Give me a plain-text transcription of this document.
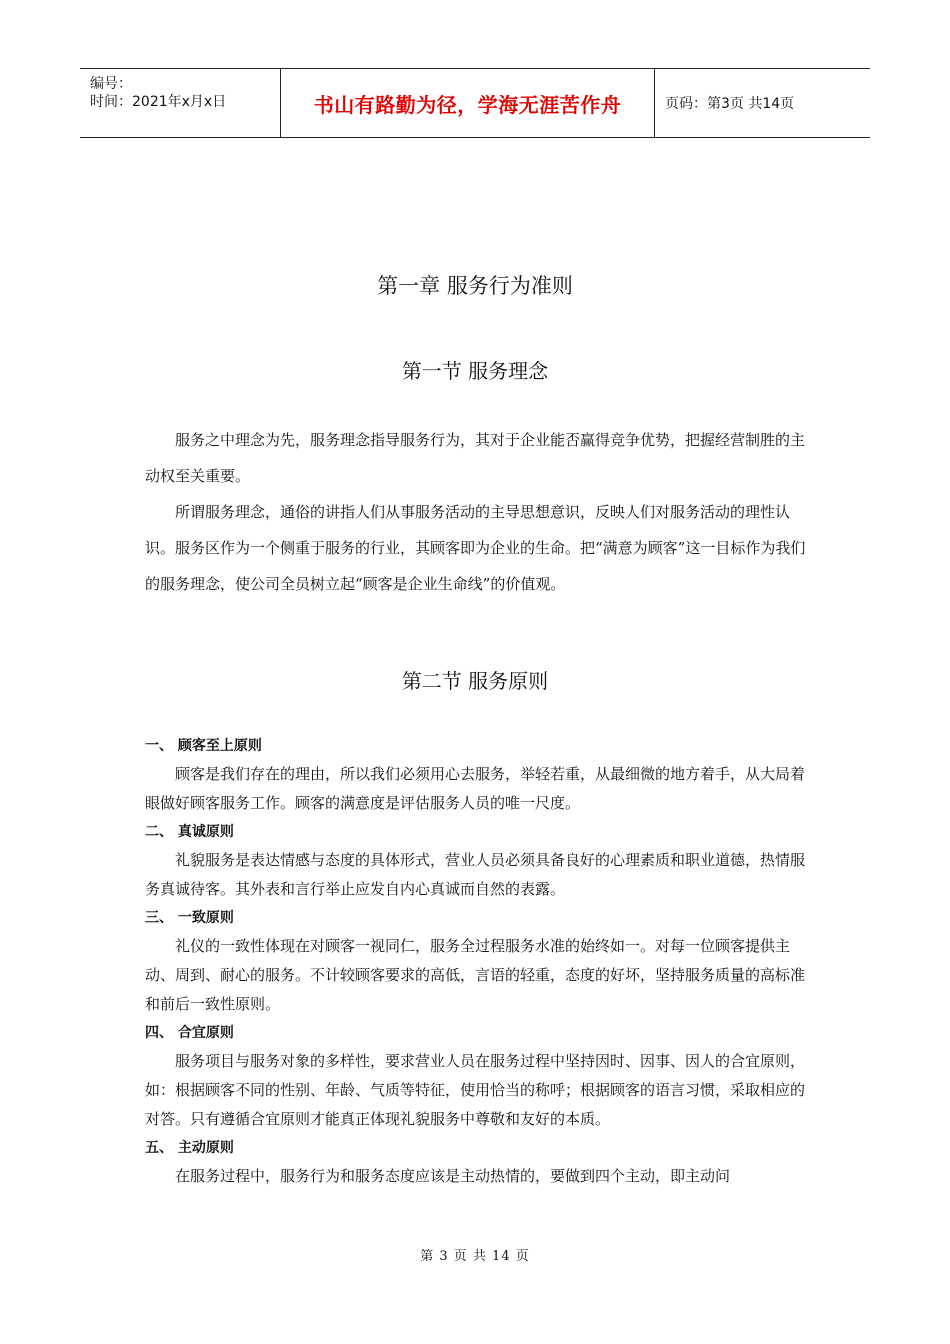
编号：
时间：2021年x月x日	书山有路勤为径，学海无涯苦作舟	页码：第3页 共14页
第一章 服务行为准则
第一节 服务理念

服务之中理念为先，服务理念指导服务行为，其对于企业能否赢得竞争优势，把握经营制胜的主动权至关重要。

所谓服务理念，通俗的讲指人们从事服务活动的主导思想意识，反映人们对服务活动的理性认识。服务区作为一个侧重于服务的行业，其顾客即为企业的生命。把“满意为顾客”这一目标作为我们的服务理念，使公司全员树立起“顾客是企业生命线”的价值观。

第二节 服务原则

一、 顾客至上原则

顾客是我们存在的理由，所以我们必须用心去服务，举轻若重，从最细微的地方着手，从大局着眼做好顾客服务工作。顾客的满意度是评估服务人员的唯一尺度。

二、 真诚原则

礼貌服务是表达情感与态度的具体形式，营业人员必须具备良好的心理素质和职业道德，热情服务真诚待客。其外表和言行举止应发自内心真诚而自然的表露。

三、 一致原则

礼仪的一致性体现在对顾客一视同仁，服务全过程服务水准的始终如一。对每一位顾客提供主动、周到、耐心的服务。不计较顾客要求的高低，言语的轻重，态度的好坏，坚持服务质量的高标准和前后一致性原则。

四、 合宜原则

服务项目与服务对象的多样性，要求营业人员在服务过程中坚持因时、因事、因人的合宜原则，如：根据顾客不同的性别、年龄、气质等特征，使用恰当的称呼；根据顾客的语言习惯，采取相应的对答。只有遵循合宜原则才能真正体现礼貌服务中尊敬和友好的本质。

五、 主动原则

在服务过程中，服务行为和服务态度应该是主动热情的，要做到四个主动，即主动问

第 3 页 共 14 页
